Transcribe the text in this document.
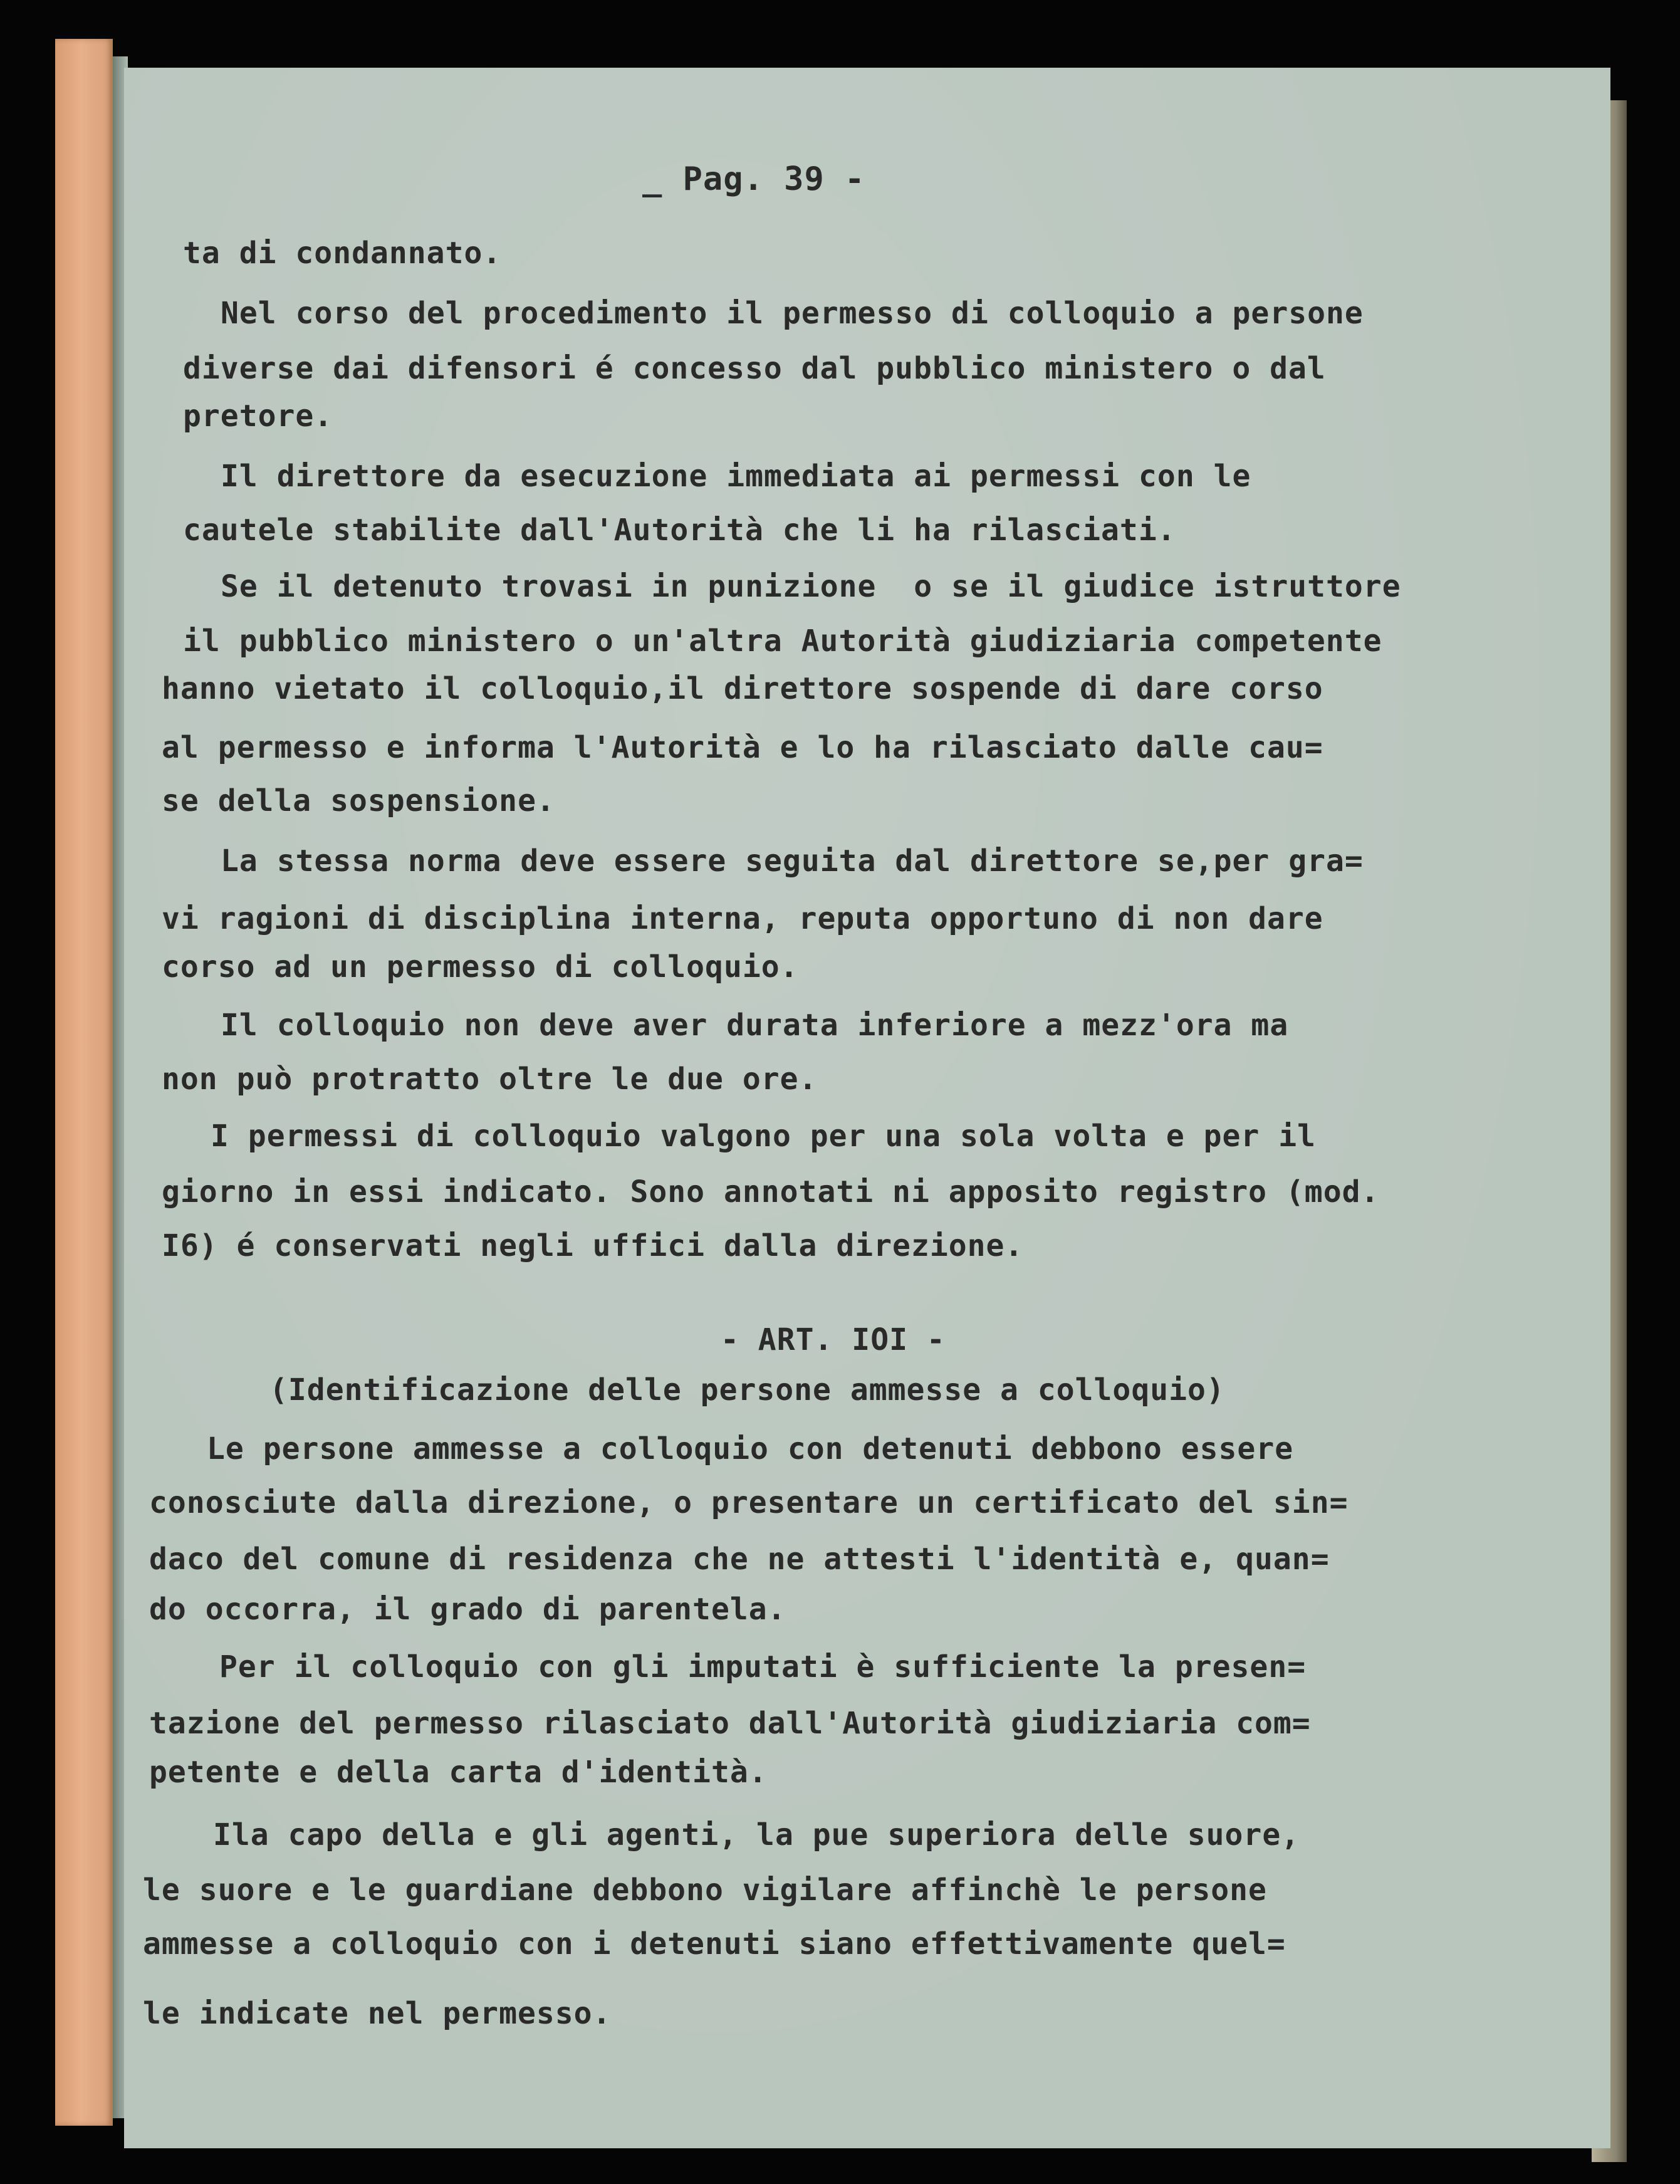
_ Pag. 39 -
ta di condannato.
Nel corso del procedimento il permesso di colloquio a persone
diverse dai difensori é concesso dal pubblico ministero o dal
pretore.
Il direttore da esecuzione immediata ai permessi con le
cautele stabilite dall'Autorità che li ha rilasciati.
Se il detenuto trovasi in punizione  o se il giudice istruttore
il pubblico ministero o un'altra Autorità giudiziaria competente
hanno vietato il colloquio,il direttore sospende di dare corso
al permesso e informa l'Autorità e lo ha rilasciato dalle cau=
se della sospensione.
La stessa norma deve essere seguita dal direttore se,per gra=
vi ragioni di disciplina interna, reputa opportuno di non dare
corso ad un permesso di colloquio.
Il colloquio non deve aver durata inferiore a mezz'ora ma
non può protratto oltre le due ore.
I permessi di colloquio valgono per una sola volta e per il
giorno in essi indicato. Sono annotati ni apposito registro (mod.
I6) é conservati negli uffici dalla direzione.
- ART. IOI -
(Identificazione delle persone ammesse a colloquio)
Le persone ammesse a colloquio con detenuti debbono essere
conosciute dalla direzione, o presentare un certificato del sin=
daco del comune di residenza che ne attesti l'identità e, quan=
do occorra, il grado di parentela.
Per il colloquio con gli imputati è sufficiente la presen=
tazione del permesso rilasciato dall'Autorità giudiziaria com=
petente e della carta d'identità.
Ila capo della e gli agenti, la pue superiora delle suore,
le suore e le guardiane debbono vigilare affinchè le persone
ammesse a colloquio con i detenuti siano effettivamente quel=
le indicate nel permesso.
